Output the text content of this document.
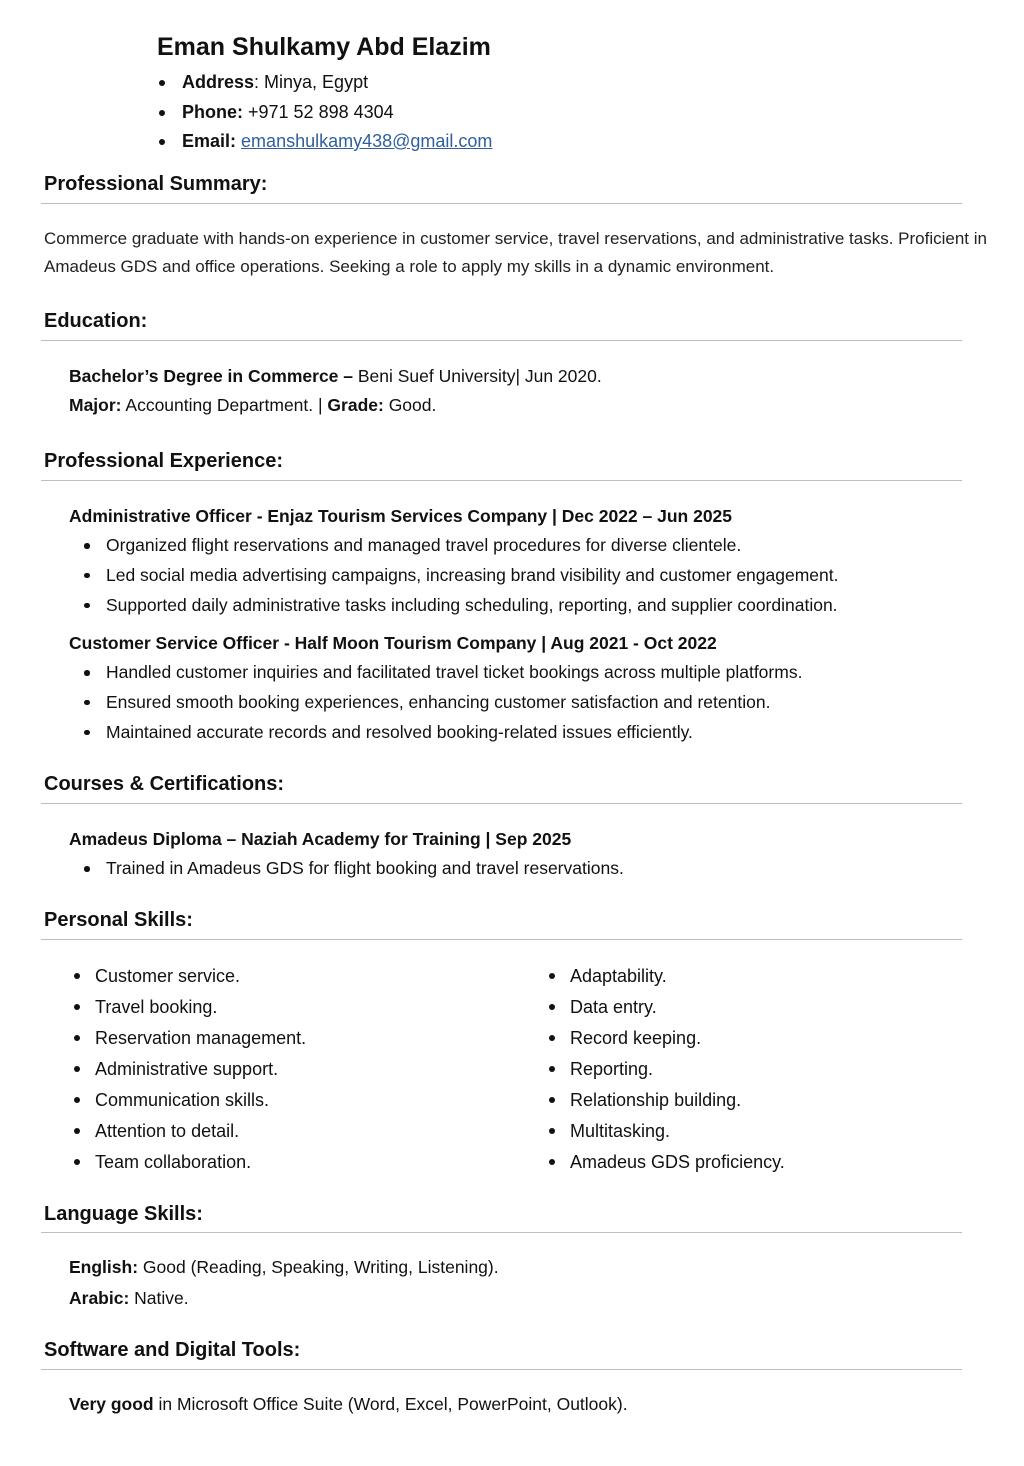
Eman Shulkamy Abd Elazim
Address: Minya, Egypt
Phone: +971 52 898 4304
Email: emanshulkamy438@gmail.com
Professional Summary:

Commerce graduate with hands-on experience in customer service, travel reservations, and administrative tasks. Proficient in Amadeus GDS and office operations. Seeking a role to apply my skills in a dynamic environment.

Education:

Bachelor’s Degree in Commerce – Beni Suef University| Jun 2020.

Major: Accounting Department. | Grade: Good.

Professional Experience:

Administrative Officer - Enjaz Tourism Services Company | Dec 2022 – Jun 2025

Organized flight reservations and managed travel procedures for diverse clientele.
Led social media advertising campaigns, increasing brand visibility and customer engagement.
Supported daily administrative tasks including scheduling, reporting, and supplier coordination.

Customer Service Officer - Half Moon Tourism Company | Aug 2021 - Oct 2022

Handled customer inquiries and facilitated travel ticket bookings across multiple platforms.
Ensured smooth booking experiences, enhancing customer satisfaction and retention.
Maintained accurate records and resolved booking-related issues efficiently.
Courses & Certifications:

Amadeus Diploma – Naziah Academy for Training | Sep 2025

Trained in Amadeus GDS for flight booking and travel reservations.
Personal Skills:
Customer service.
Travel booking.
Reservation management.
Administrative support.
Communication skills.
Attention to detail.
Team collaboration.
Adaptability.
Data entry.
Record keeping.
Reporting.
Relationship building.
Multitasking.
Amadeus GDS proficiency.
Language Skills:

English: Good (Reading, Speaking, Writing, Listening).

Arabic: Native.

Software and Digital Tools:

Very good in Microsoft Office Suite (Word, Excel, PowerPoint, Outlook).
